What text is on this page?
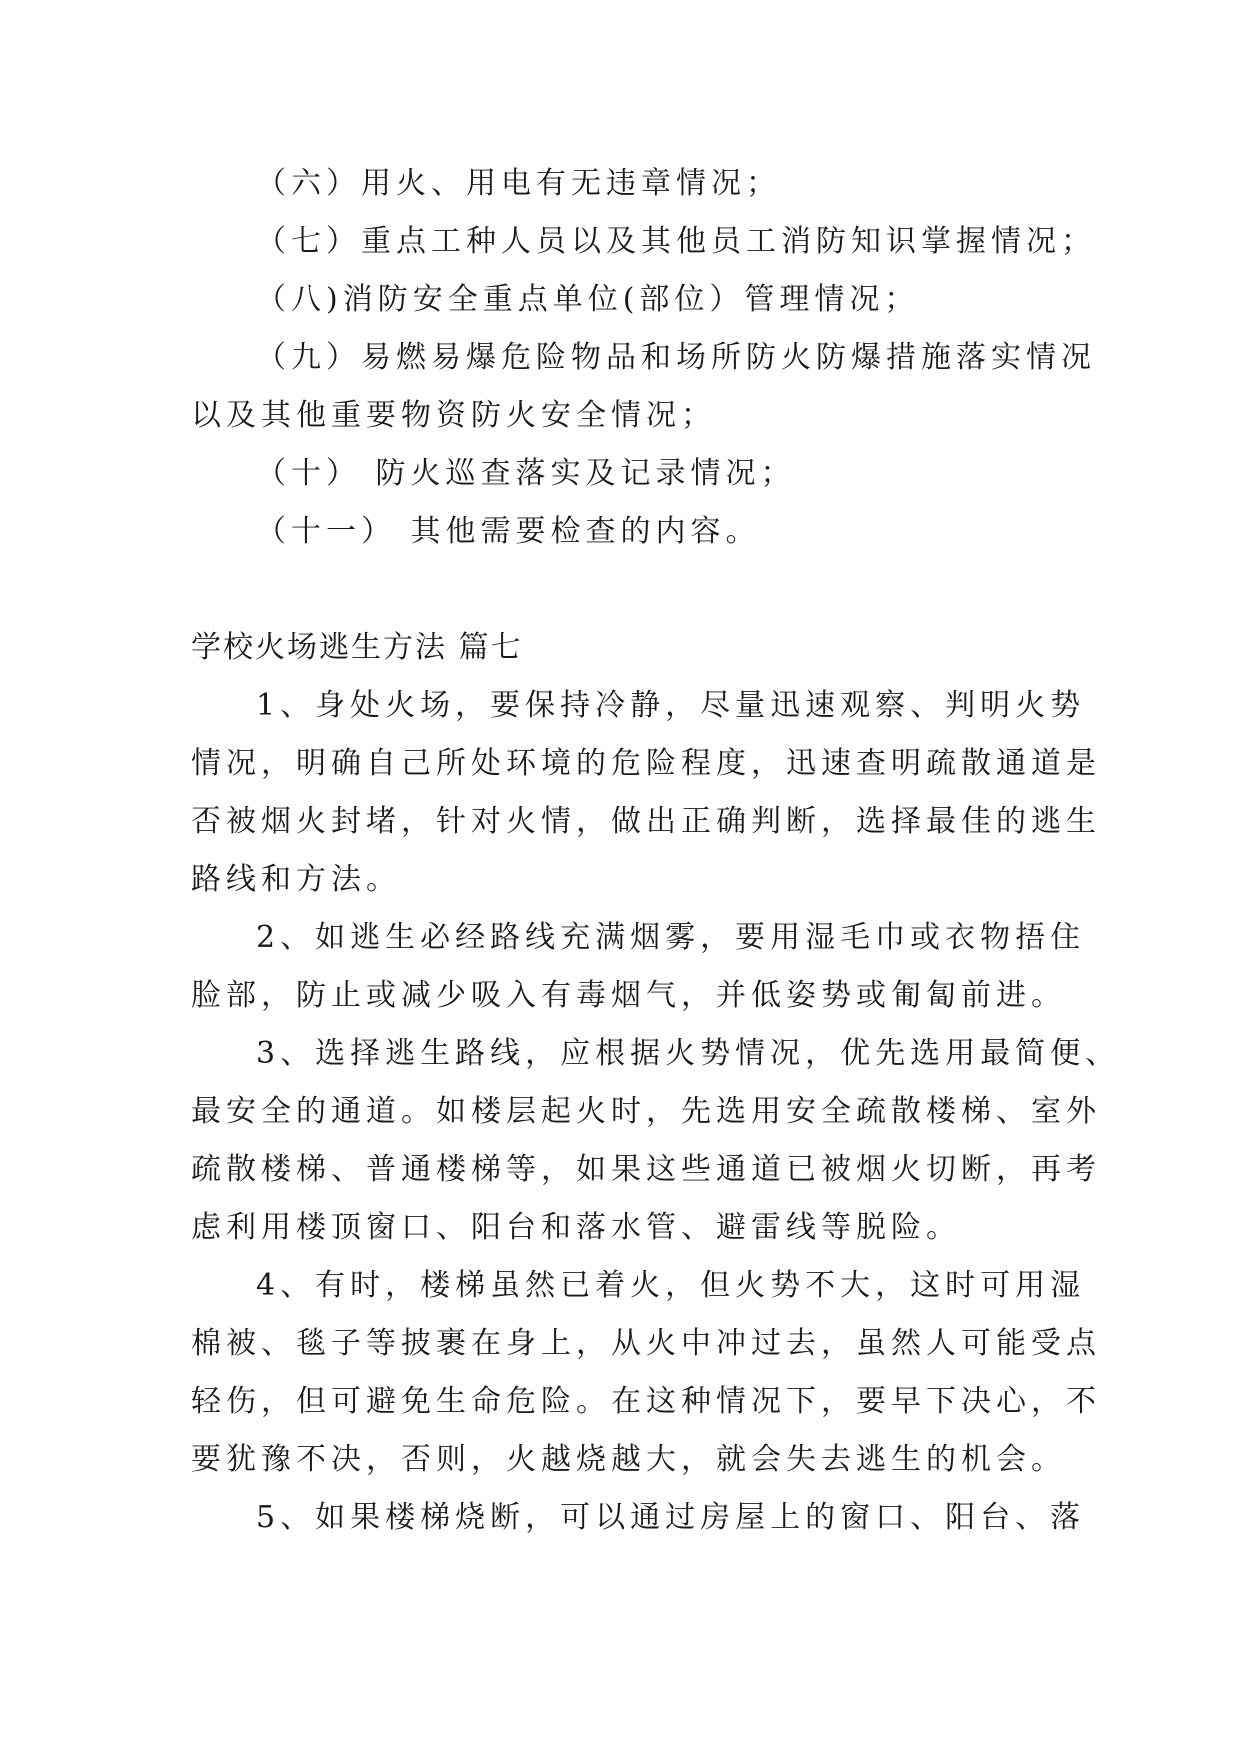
（六）用火、用电有无违章情况；
（七）重点工种人员以及其他员工消防知识掌握情况；
（八)消防安全重点单位(部位）管理情况；
（九）易燃易爆危险物品和场所防火防爆措施落实情况
以及其他重要物资防火安全情况；
（十） 防火巡查落实及记录情况；
（十一） 其他需要检查的内容。
学校火场逃生方法 篇七
1、身处火场，要保持冷静，尽量迅速观察、判明火势
情况，明确自己所处环境的危险程度，迅速查明疏散通道是
否被烟火封堵，针对火情，做出正确判断，选择最佳的逃生
路线和方法。
2、如逃生必经路线充满烟雾，要用湿毛巾或衣物捂住
脸部，防止或减少吸入有毒烟气，并低姿势或匍匐前进。
3、选择逃生路线，应根据火势情况，优先选用最简便、
最安全的通道。如楼层起火时，先选用安全疏散楼梯、室外
疏散楼梯、普通楼梯等，如果这些通道已被烟火切断，再考
虑利用楼顶窗口、阳台和落水管、避雷线等脱险。
4、有时，楼梯虽然已着火，但火势不大，这时可用湿
棉被、毯子等披裹在身上，从火中冲过去，虽然人可能受点
轻伤，但可避免生命危险。在这种情况下，要早下决心，不
要犹豫不决，否则，火越烧越大，就会失去逃生的机会。
5、如果楼梯烧断，可以通过房屋上的窗口、阳台、落
